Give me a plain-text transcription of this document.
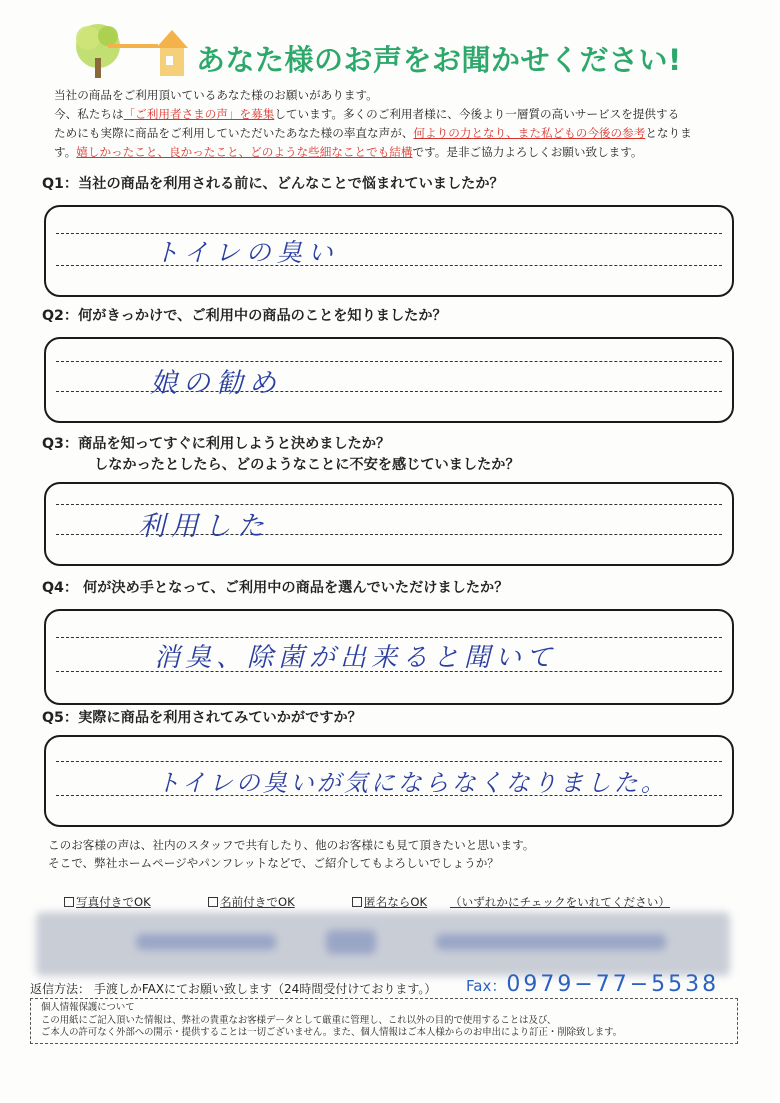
あなた様のお声をお聞かせください!

当社の商品をご利用頂いているあなた様のお願いがあります。

今、私たちは「ご利用者さまの声」を募集しています。多くのご利用者様に、今後より一層質の高いサービスを提供する

ためにも実際に商品をご利用していただいたあなた様の率直な声が、何よりの力となり、また私どもの今後の参考となりま

す。嬉しかったこと、良かったこと、どのような些細なことでも結構です。是非ご協力よろしくお願い致します。

Q1：当社の商品を利用される前に、どんなことで悩まれていましたか？
トイレの臭い
Q2：何がきっかけで、ご利用中の商品のことを知りましたか？
娘の勧め
Q3：商品を知ってすぐに利用しようと決めましたか？
しなかったとしたら、どのようなことに不安を感じていましたか？
利用した
Q4： 何が決め手となって、ご利用中の商品を選んでいただけましたか？
消臭、除菌が出来ると聞いて
Q5：実際に商品を利用されてみていかがですか？
トイレの臭いが気にならなくなりました。

このお客様の声は、社内のスタッフで共有したり、他のお客様にも見て頂きたいと思います。

そこで、弊社ホームページやパンフレットなどで、ご紹介してもよろしいでしょうか？

写真付きでOK	名前付きでOK	匿名ならOK （いずれかにチェックをいれてください）
返信方法： 手渡しかFAXにてお願い致します（24時間受付けております。） Fax：0979−77−5538

個人情報保護について

この用紙にご記入頂いた情報は、弊社の貴重なお客様データとして厳重に管理し、これ以外の目的で使用することは及び、

ご本人の許可なく外部への開示・提供することは一切ございません。また、個人情報はご本人様からのお申出により訂正・削除致します。
